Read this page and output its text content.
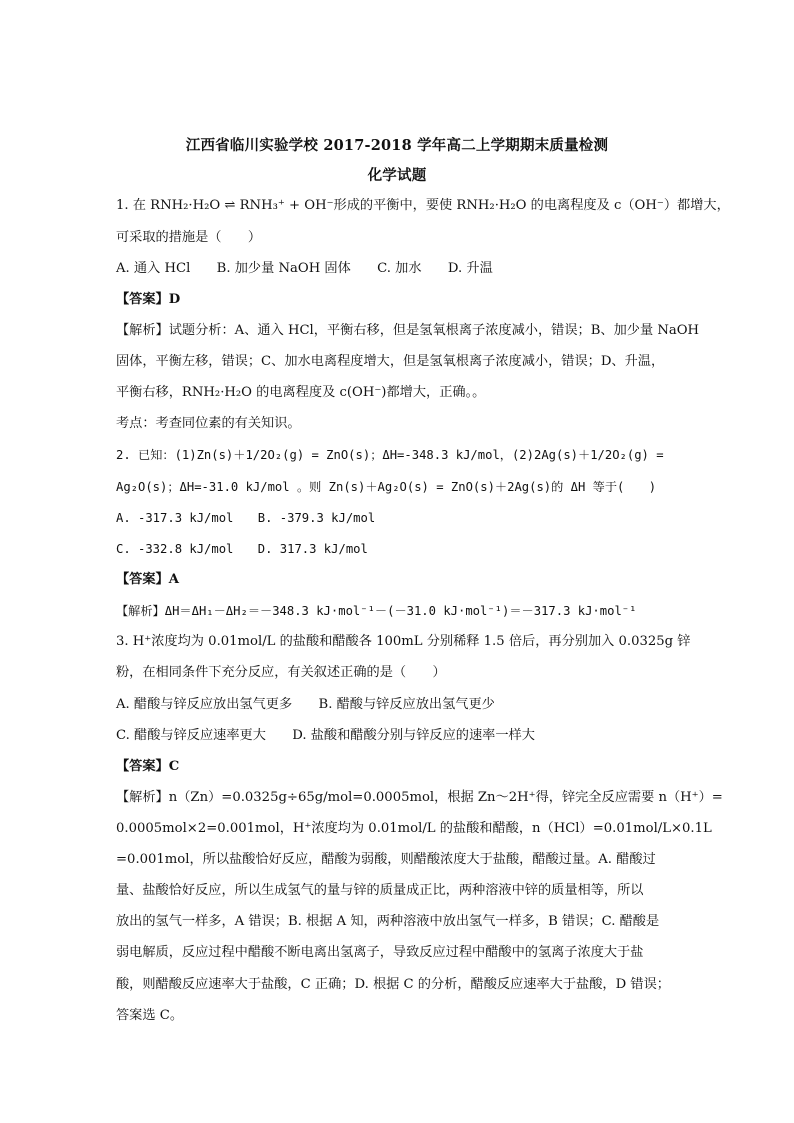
江西省临川实验学校 2017-2018 学年高二上学期期末质量检测
化学试题
1. 在 RNH₂·H₂O ⇌ RNH₃⁺ + OH⁻形成的平衡中，要使 RNH₂·H₂O 的电离程度及 c（OH⁻）都增大，
可采取的措施是（　　）
A. 通入 HCl　　B. 加少量 NaOH 固体　　C. 加水　　D. 升温
【答案】D
【解析】试题分析：A、通入 HCl，平衡右移，但是氢氧根离子浓度减小，错误；B、加少量 NaOH
固体，平衡左移，错误；C、加水电离程度增大，但是氢氧根离子浓度减小，错误；D、升温，
平衡右移，RNH₂·H₂O 的电离程度及 c(OH⁻)都增大，正确。。
考点：考查同位素的有关知识。
2. 已知：(1)Zn(s)＋1/2O₂(g) = ZnO(s)；ΔH=-348.3 kJ/mol，(2)2Ag(s)＋1/2O₂(g) =
Ag₂O(s)；ΔH=-31.0 kJ/mol 。则 Zn(s)＋Ag₂O(s) = ZnO(s)＋2Ag(s)的 ΔH 等于(　　)
A. -317.3 kJ/mol　　B. -379.3 kJ/mol
C. -332.8 kJ/mol　　D. 317.3 kJ/mol
【答案】A
【解析】ΔH＝ΔH₁－ΔH₂＝－348.3 kJ·mol⁻¹－(－31.0 kJ·mol⁻¹)＝－317.3 kJ·mol⁻¹
3. H⁺浓度均为 0.01mol/L 的盐酸和醋酸各 100mL 分别稀释 1.5 倍后，再分别加入 0.0325g 锌
粉，在相同条件下充分反应，有关叙述正确的是（　　）
A. 醋酸与锌反应放出氢气更多　　B. 醋酸与锌反应放出氢气更少
C. 醋酸与锌反应速率更大　　D. 盐酸和醋酸分别与锌反应的速率一样大
【答案】C
【解析】n（Zn）=0.0325g÷65g/mol=0.0005mol，根据 Zn～2H⁺得，锌完全反应需要 n（H⁺）=
0.0005mol×2=0.001mol，H⁺浓度均为 0.01mol/L 的盐酸和醋酸，n（HCl）=0.01mol/L×0.1L
=0.001mol，所以盐酸恰好反应，醋酸为弱酸，则醋酸浓度大于盐酸，醋酸过量。A. 醋酸过
量、盐酸恰好反应，所以生成氢气的量与锌的质量成正比，两种溶液中锌的质量相等，所以
放出的氢气一样多，A 错误；B. 根据 A 知，两种溶液中放出氢气一样多，B 错误；C. 醋酸是
弱电解质，反应过程中醋酸不断电离出氢离子，导致反应过程中醋酸中的氢离子浓度大于盐
酸，则醋酸反应速率大于盐酸，C 正确；D. 根据 C 的分析，醋酸反应速率大于盐酸，D 错误；
答案选 C。
